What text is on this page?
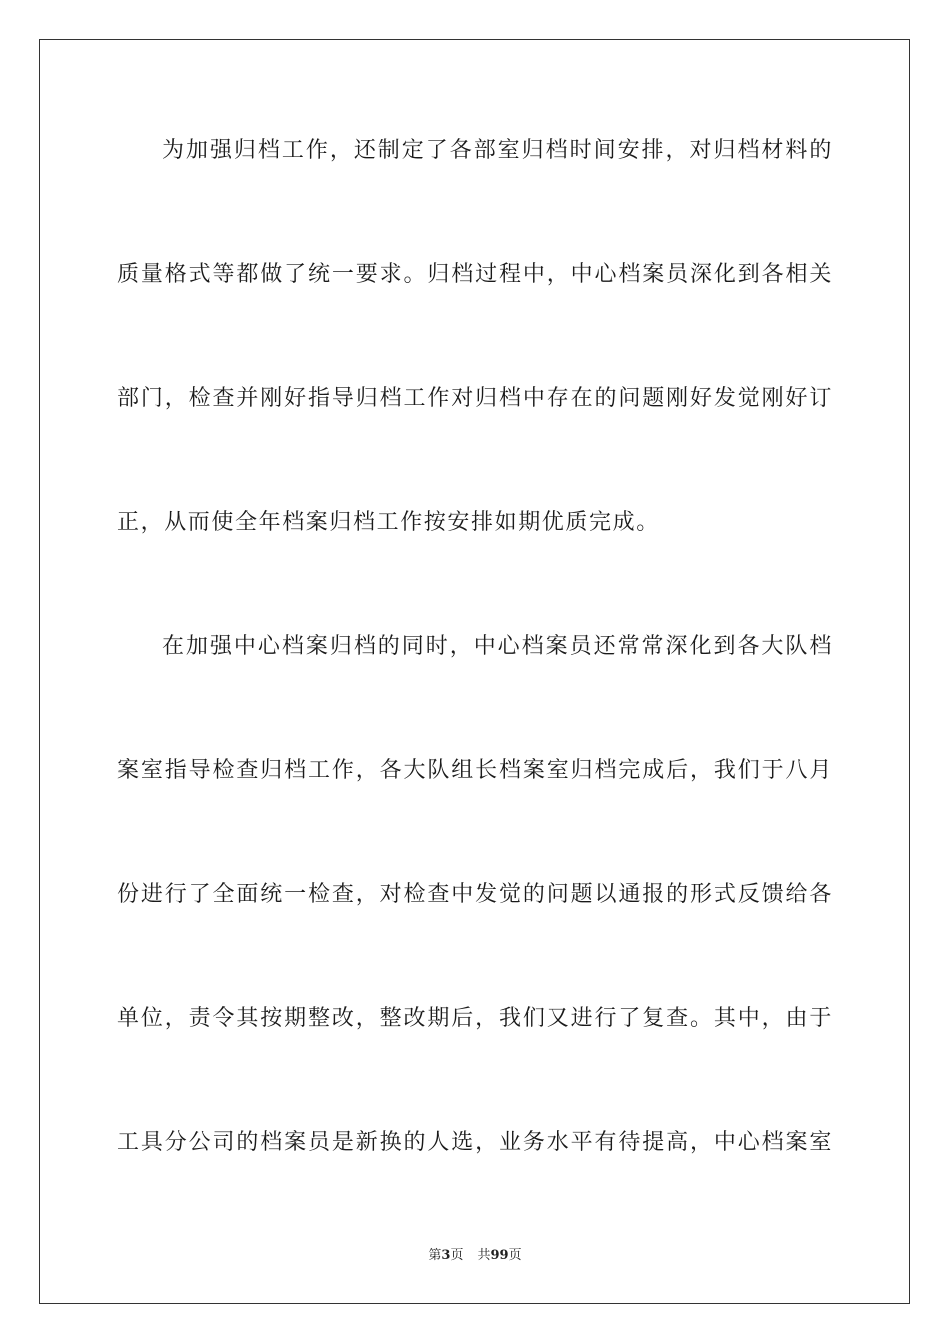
为加强归档工作，还制定了各部室归档时间安排，对归档材料的
质量格式等都做了统一要求。归档过程中，中心档案员深化到各相关
部门，检查并刚好指导归档工作对归档中存在的问题刚好发觉刚好订
正，从而使全年档案归档工作按安排如期优质完成。
在加强中心档案归档的同时，中心档案员还常常深化到各大队档
案室指导检查归档工作，各大队组长档案室归档完成后，我们于八月
份进行了全面统一检查，对检查中发觉的问题以通报的形式反馈给各
单位，责令其按期整改，整改期后，我们又进行了复查。其中，由于
工具分公司的档案员是新换的人选，业务水平有待提高，中心档案室
第3页 共99页
